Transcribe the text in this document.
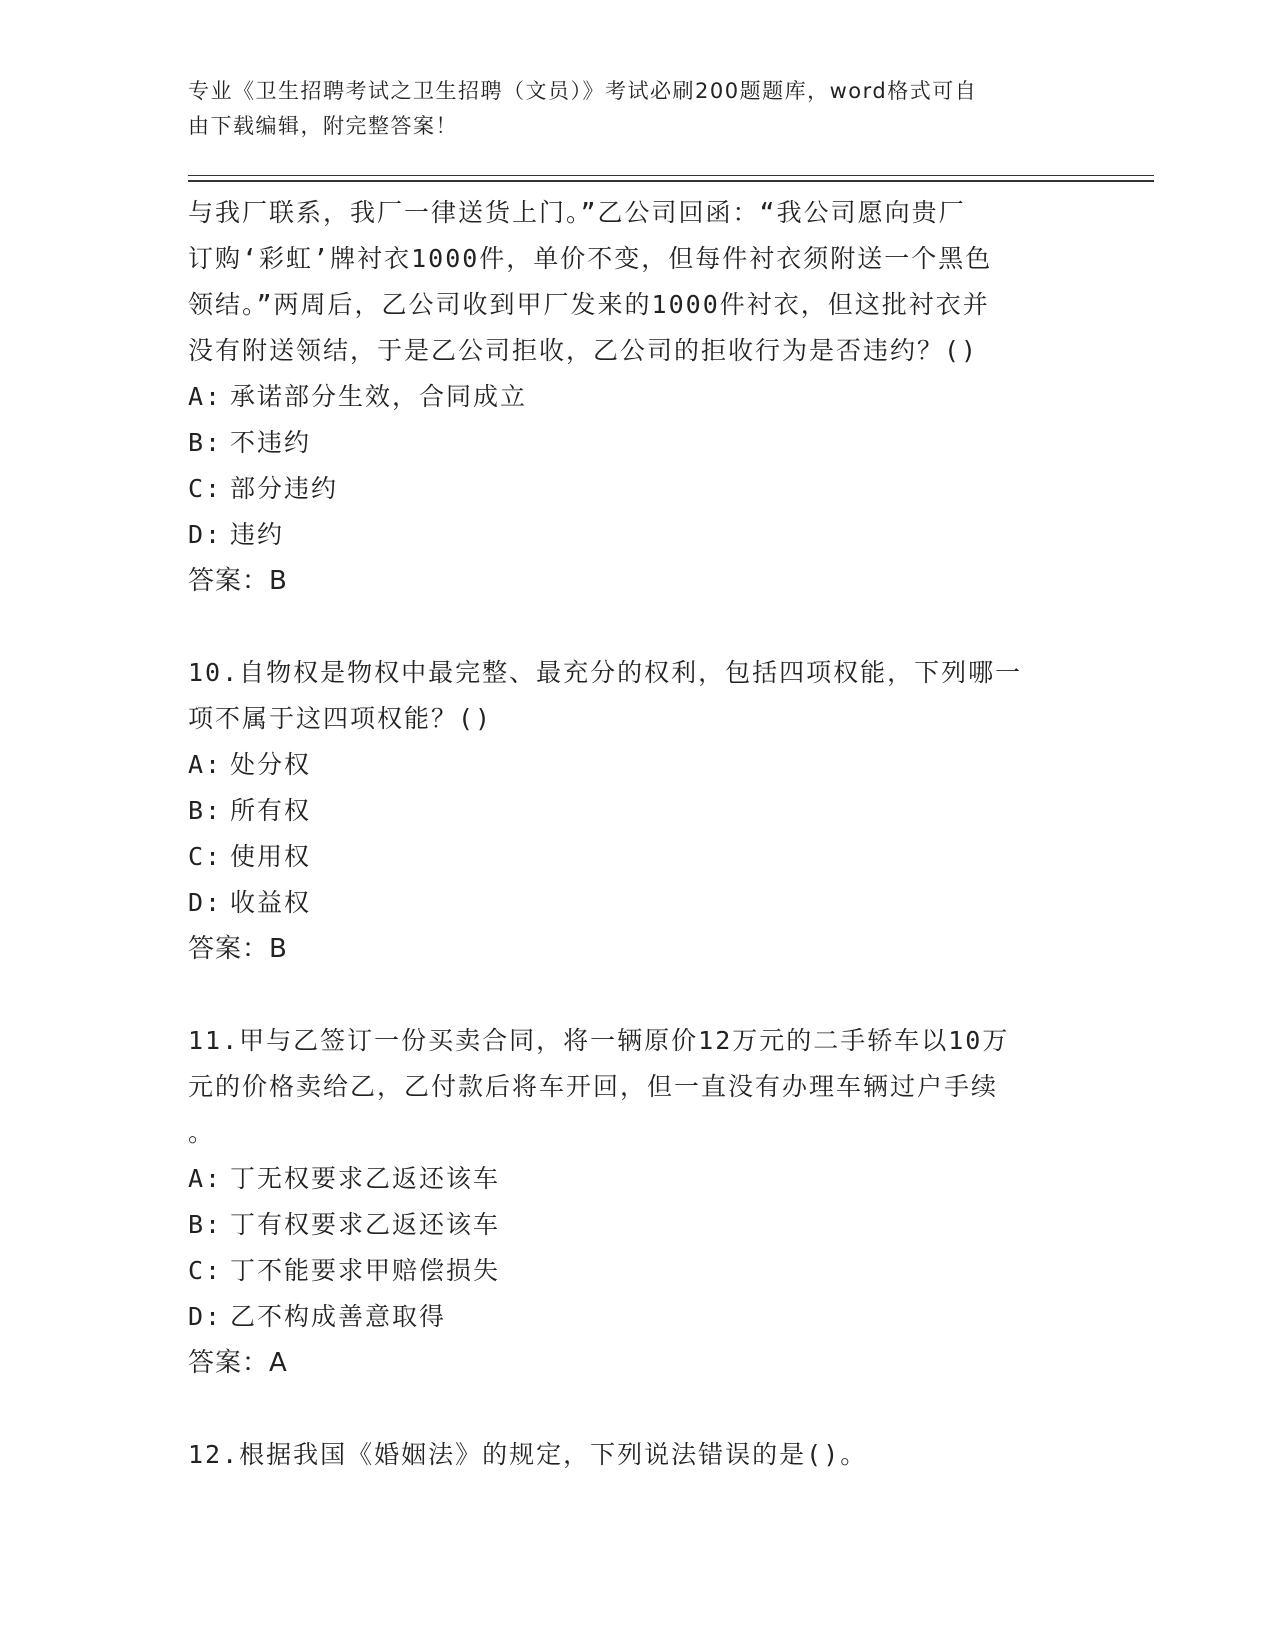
专业《卫生招聘考试之卫生招聘（文员）》考试必刷200题题库，word格式可自
由下载编辑，附完整答案！
与我厂联系，我厂一律送货上门。”乙公司回函：“我公司愿向贵厂
订购‘彩虹’牌衬衣1000件，单价不变，但每件衬衣须附送一个黑色
领结。”两周后，乙公司收到甲厂发来的1000件衬衣，但这批衬衣并
没有附送领结，于是乙公司拒收，乙公司的拒收行为是否违约？()
A: 承诺部分生效，合同成立
B: 不违约
C: 部分违约
D: 违约
答案：B
10.自物权是物权中最完整、最充分的权利，包括四项权能，下列哪一
项不属于这四项权能？()
A: 处分权
B: 所有权
C: 使用权
D: 收益权
答案：B
11.甲与乙签订一份买卖合同，将一辆原价12万元的二手轿车以10万
元的价格卖给乙，乙付款后将车开回，但一直没有办理车辆过户手续
。
A: 丁无权要求乙返还该车
B: 丁有权要求乙返还该车
C: 丁不能要求甲赔偿损失
D: 乙不构成善意取得
答案：A
12.根据我国《婚姻法》的规定，下列说法错误的是()。
